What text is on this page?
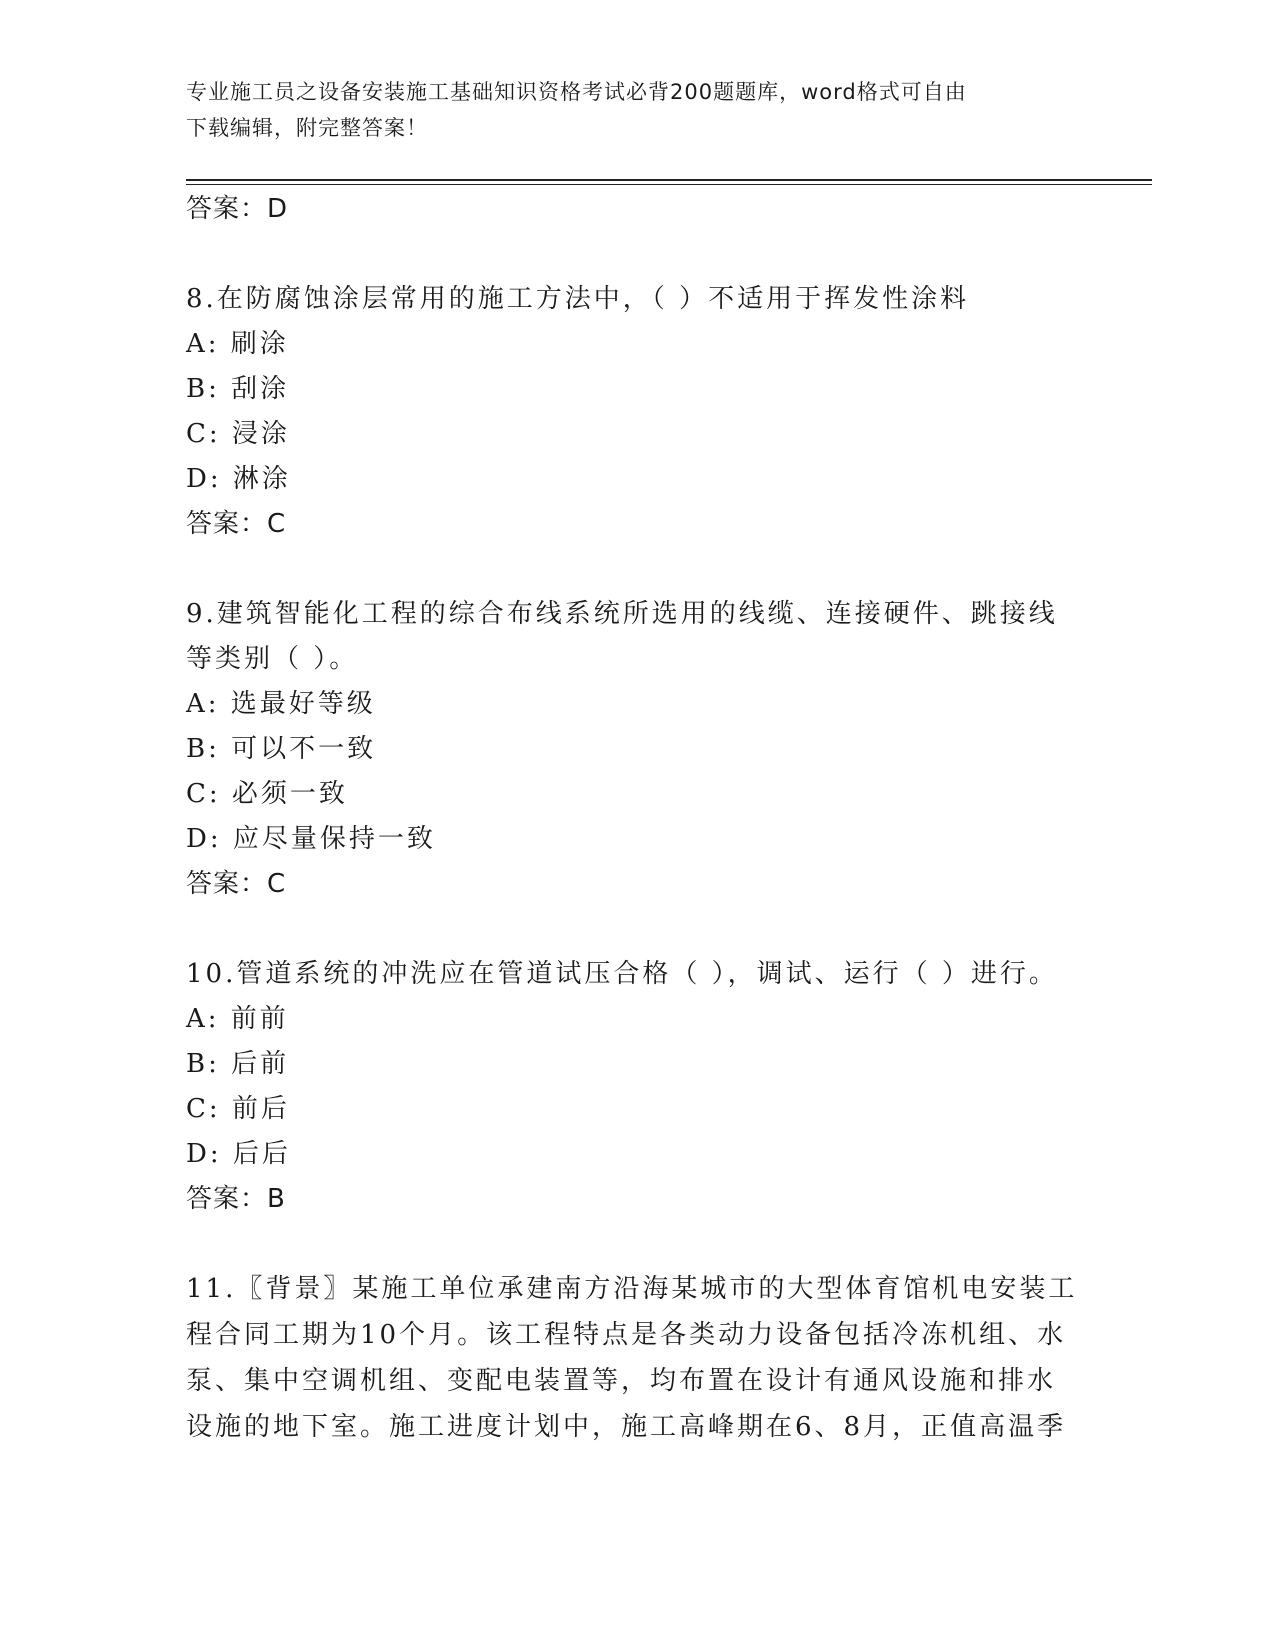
专业施工员之设备安装施工基础知识资格考试必背200题题库，word格式可自由
下载编辑，附完整答案！
答案：D
8.在防腐蚀涂层常用的施工方法中，（ ）不适用于挥发性涂料
A: 刷涂
B: 刮涂
C: 浸涂
D: 淋涂
答案：C
9.建筑智能化工程的综合布线系统所选用的线缆、连接硬件、跳接线
等类别（ ）。
A: 选最好等级
B: 可以不一致
C: 必须一致
D: 应尽量保持一致
答案：C
10.管道系统的冲洗应在管道试压合格（ ），调试、运行（ ）进行。
A: 前前
B: 后前
C: 前后
D: 后后
答案：B
11.〖背景〗某施工单位承建南方沿海某城市的大型体育馆机电安装工
程合同工期为10个月。该工程特点是各类动力设备包括冷冻机组、水
泵、集中空调机组、变配电装置等，均布置在设计有通风设施和排水
设施的地下室。施工进度计划中，施工高峰期在6、8月，正值高温季
